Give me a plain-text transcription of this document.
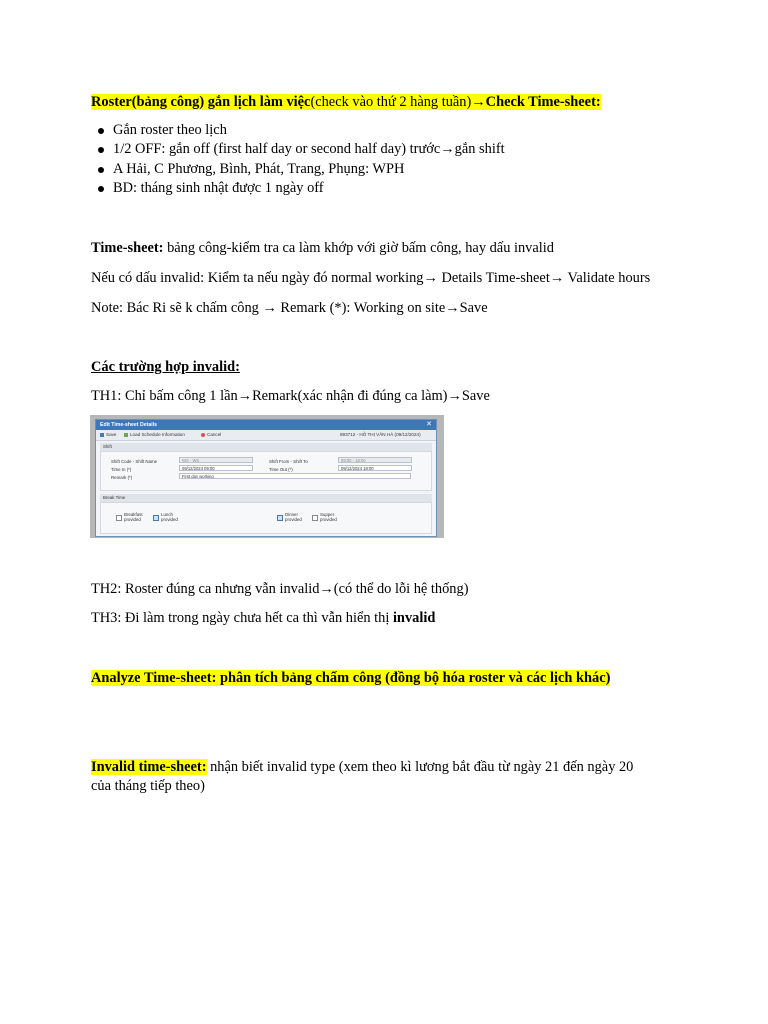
Roster(bảng công) gắn lịch làm việc(check vào thứ 2 hàng tuần)→Check Time-sheet:
Gắn roster theo lịch
1/2 OFF: gắn off (first half day or second half day) trước→gắn shift
A Hải, C Phương, Bình, Phát, Trang, Phụng: WPH
BD: tháng sinh nhật được 1 ngày off
Time-sheet: bảng công-kiểm tra ca làm khớp với giờ bấm công, hay dấu invalid
Nếu có dấu invalid: Kiểm ta nếu ngày đó normal working→ Details Time-sheet→ Validate hours
Note: Bác Ri sẽ k chấm công → Remark (*): Working on site→Save
Các trường hợp invalid:
TH1: Chỉ bấm công 1 lần→Remark(xác nhận đi đúng ca làm)→Save

Edit Time-sheet Details	✕
Save	Load Schedule Information	Cancel	893712 - HỒ THỊ VÂN HÀ (09/12/2024)
Shift
Shift Code - Shift Name	WS - WS
Time In (*)	09/12/2024 09:00
Remark (*)	First day working
Shift From - Shift To	09:00 - 18:00
Time Out (*)	09/12/2024 18:00
Break Time
Breakfast provided
Lunch provided
Dinner provided
Supper provided
TH2: Roster đúng ca nhưng vẫn invalid→(có thể do lỗi hệ thống)
TH3: Đi làm trong ngày chưa hết ca thì vẫn hiển thị invalid
Analyze Time-sheet: phân tích bảng chấm công (đồng bộ hóa roster và các lịch khác)
Invalid time-sheet: nhận biết invalid type (xem theo kì lương bắt đầu từ ngày 21 đến ngày 20
của tháng tiếp theo)
